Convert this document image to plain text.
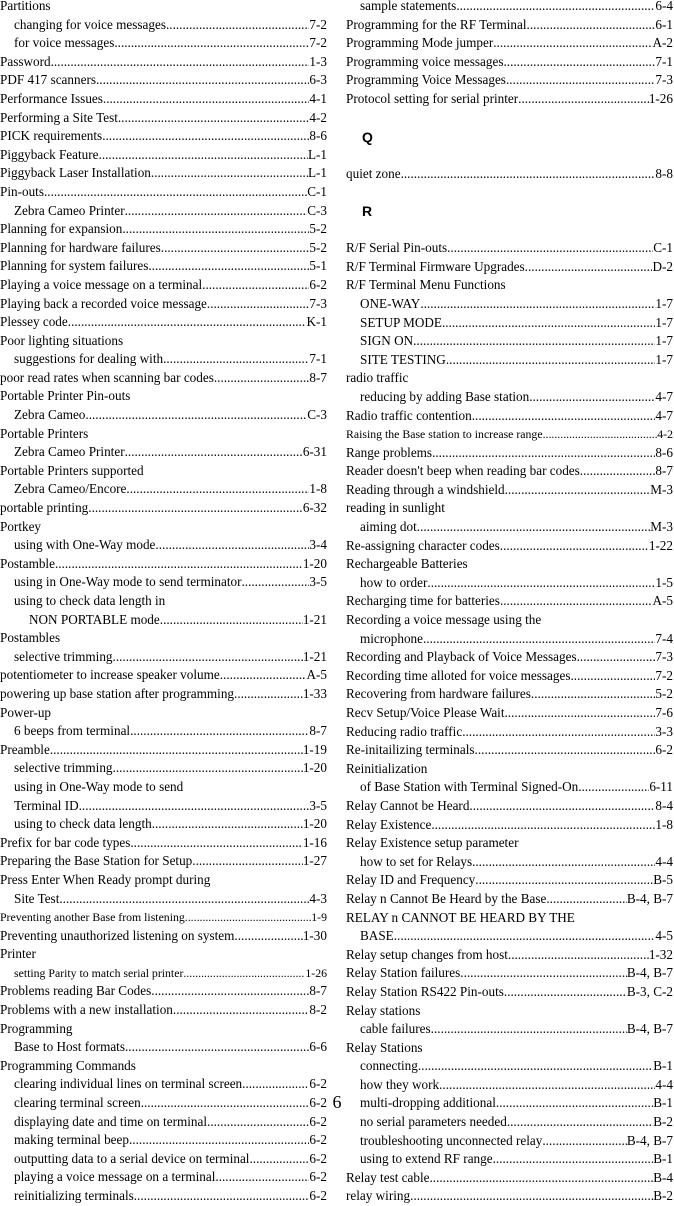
Partitions
changing for voice messages .....	7-2
for voice messages .....	7-2
Password .....	1-3
PDF 417 scanners .....	6-3
Performance Issues .....	4-1
Performing a Site Test .....	4-2
PICK requirements .....	8-6
Piggyback Feature .....	L-1
Piggyback Laser Installation .....	L-1
Pin-outs .....	C-1
Zebra Cameo Printer .....	C-3
Planning for expansion .....	5-2
Planning for hardware failures .....	5-2
Planning for system failures .....	5-1
Playing a voice message on a terminal .....	6-2
Playing back a recorded voice message .....	7-3
Plessey code .....	K-1
Poor lighting situations
suggestions for dealing with .....	7-1
poor read rates when scanning bar codes .....	8-7
Portable Printer Pin-outs
Zebra Cameo .....	C-3
Portable Printers
Zebra Cameo Printer .....	6-31
Portable Printers supported
Zebra Cameo/Encore .....	1-8
portable printing .....	6-32
Portkey
using with One-Way mode .....	3-4
Postamble .....	1-20
using in One-Way mode to send terminator .....	3-5
using to check data length in
NON PORTABLE mode .....	1-21
Postambles
selective trimming .....	1-21
potentiometer to increase speaker volume .....	A-5
powering up base station after programming .....	1-33
Power-up
6 beeps from terminal .....	8-7
Preamble .....	1-19
selective trimming .....	1-20
using in One-Way mode to send
Terminal ID .....	3-5
using to check data length .....	1-20
Prefix for bar code types .....	1-16
Preparing the Base Station for Setup .....	1-27
Press Enter When Ready prompt during
Site Test .....	4-3
Preventing another Base from listening .....	1-9
Preventing unauthorized listening on system .....	1-30
Printer
setting Parity to match serial printer .....	1-26
Problems reading Bar Codes .....	8-7
Problems with a new installation .....	8-2
Programming
Base to Host formats .....	6-6
Programming Commands
clearing individual lines on terminal screen .....	6-2
clearing terminal screen .....	6-2
displaying date and time on terminal .....	6-2
making terminal beep .....	6-2
outputting data to a serial device on terminal .....	6-2
playing a voice message on a terminal .....	6-2
reinitializing terminals .....	6-2
sample statements .....	6-4
Programming for the RF Terminal .....	6-1
Programming Mode jumper .....	A-2
Programming voice messages .....	7-1
Programming Voice Messages .....	7-3
Protocol setting for serial printer .....	1-26
Q
quiet zone .....	8-8
R
R/F Serial Pin-outs .....	C-1
R/F Terminal Firmware Upgrades .....	D-2
R/F Terminal Menu Functions
ONE-WAY .....	1-7
SETUP MODE .....	1-7
SIGN ON .....	1-7
SITE TESTING .....	1-7
radio traffic
reducing by adding Base station .....	4-7
Radio traffic contention .....	4-7
Raising the Base station to increase range .....	4-2
Range problems .....	8-6
Reader doesn't beep when reading bar codes .....	8-7
Reading through a windshield .....	M-3
reading in sunlight
aiming dot .....	M-3
Re-assigning character codes .....	1-22
Rechargeable Batteries
how to order .....	1-5
Recharging time for batteries .....	A-5
Recording a voice message using the
microphone .....	7-4
Recording and Playback of Voice Messages .....	7-3
Recording time alloted for voice messages .....	7-2
Recovering from hardware failures .....	5-2
Recv Setup/Voice Please Wait .....	7-6
Reducing radio traffic .....	3-3
Re-initailizing terminals .....	6-2
Reinitialization
of Base Station with Terminal Signed-On .....	6-11
Relay Cannot be Heard .....	8-4
Relay Existence .....	1-8
Relay Existence setup parameter
how to set for Relays .....	4-4
Relay ID and Frequency .....	B-5
Relay n Cannot Be Heard by the Base .....	B-4, B-7
RELAY n CANNOT BE HEARD BY THE
BASE .....	4-5
Relay setup changes from host .....	1-32
Relay Station failures .....	B-4, B-7
Relay Station RS422 Pin-outs .....	B-3, C-2
Relay stations
cable failures .....	B-4, B-7
Relay Stations
connecting .....	B-1
how they work .....	4-4
multi-dropping additional .....	B-1
no serial parameters needed .....	B-2
troubleshooting unconnected relay .....	B-4, B-7
using to extend RF range .....	B-1
Relay test cable .....	B-4
relay wiring .....	B-2
6
